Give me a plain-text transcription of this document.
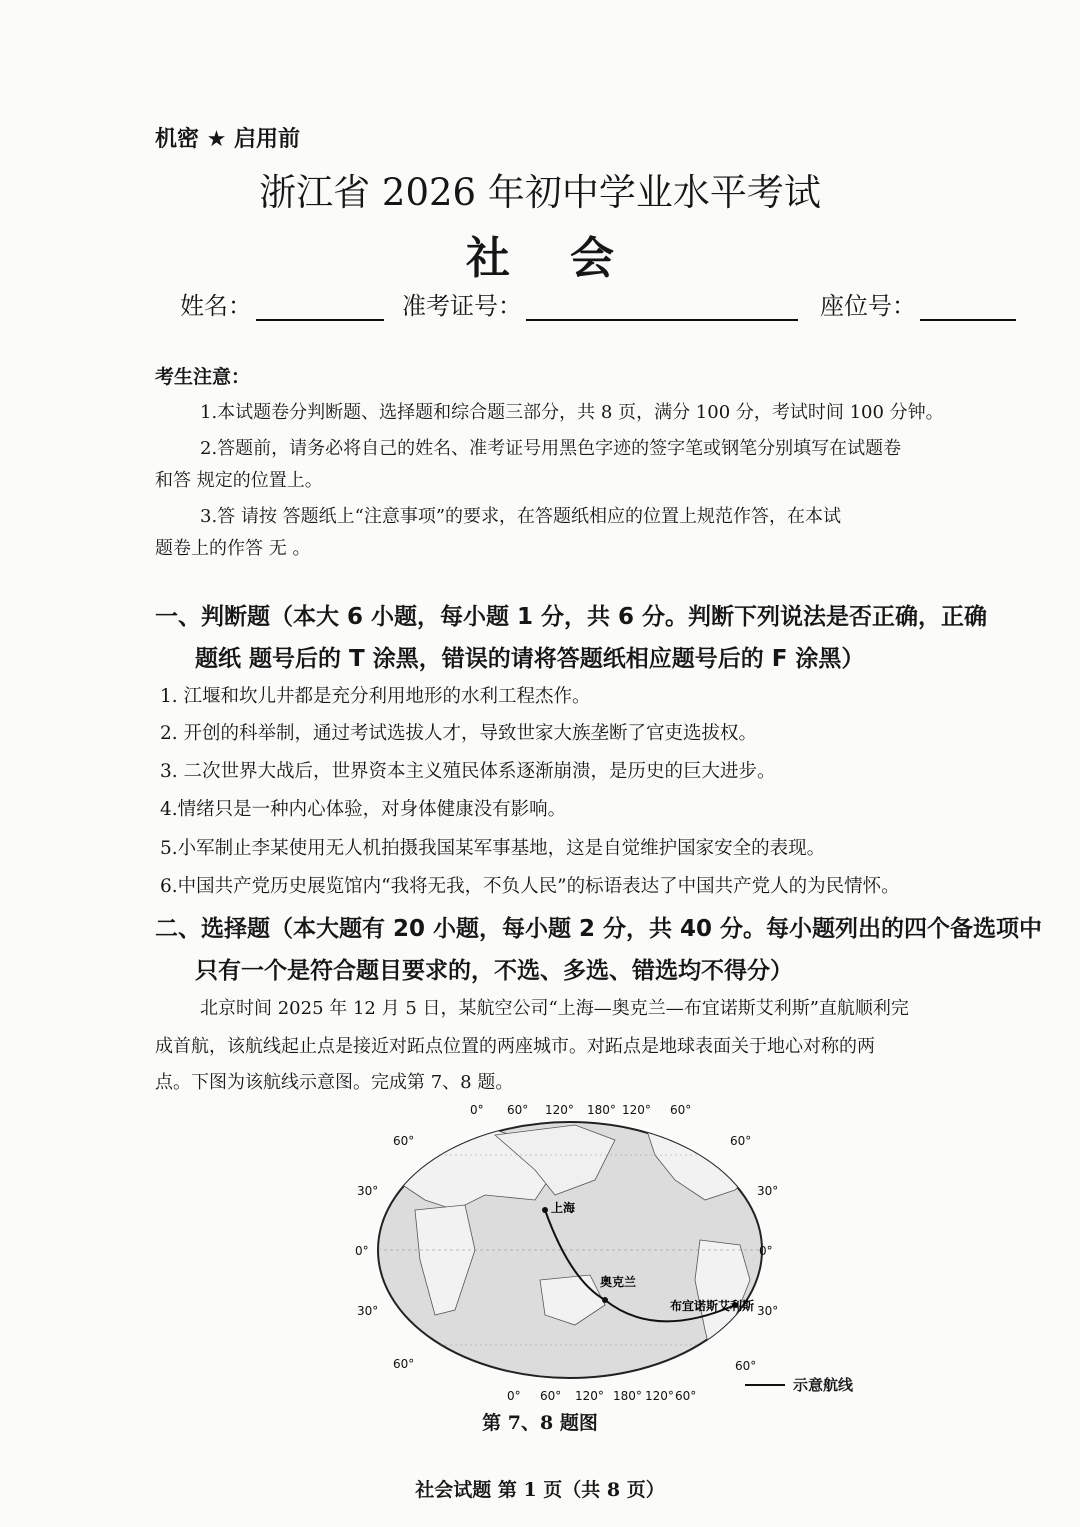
机密 ★ 启用前
浙江省 2026 年初中学业水平考试
社会
姓名：	准考证号：	座位号：
考生注意：
1.本试题卷分判断题、选择题和综合题三部分，共 8 页，满分 100 分，考试时间 100 分钟。
2.答题前，请务必将自己的姓名、准考证号用黑色字迹的签字笔或钢笔分别填写在试题卷
和答 规定的位置上。
3.答 请按 答题纸上“注意事项”的要求，在答题纸相应的位置上规范作答，在本试
题卷上的作答 无 。
一、判断题（本大 6 小题，每小题 1 分，共 6 分。判断下列说法是否正确，正确
题纸 题号后的 T 涂黑，错误的请将答题纸相应题号后的 F 涂黑）
1. 江堰和坎儿井都是充分利用地形的水利工程杰作。
2. 开创的科举制，通过考试选拔人才，导致世家大族垄断了官吏选拔权。
3. 二次世界大战后，世界资本主义殖民体系逐渐崩溃，是历史的巨大进步。
4.情绪只是一种内心体验，对身体健康没有影响。
5.小军制止李某使用无人机拍摄我国某军事基地，这是自觉维护国家安全的表现。
6.中国共产党历史展览馆内“我将无我，不负人民”的标语表达了中国共产党人的为民情怀。
二、选择题（本大题有 20 小题，每小题 2 分，共 40 分。每小题列出的四个备选项中
只有一个是符合题目要求的，不选、多选、错选均不得分）
北京时间 2025 年 12 月 5 日，某航空公司“上海—奥克兰—布宜诺斯艾利斯”直航顺利完
成首航，该航线起止点是接近对跖点位置的两座城市。对跖点是地球表面关于地心对称的两
点。下图为该航线示意图。完成第 7、8 题。
上海
奥克兰
布宜诺斯艾利斯
0° 60° 120° 180° 120° 60°
0° 60° 120° 180° 120° 60°
60°
30°
0°
30°
60°
60°
30°
0°
30°
60°
示意航线
第 7、8 题图
社会试题 第 1 页（共 8 页）
